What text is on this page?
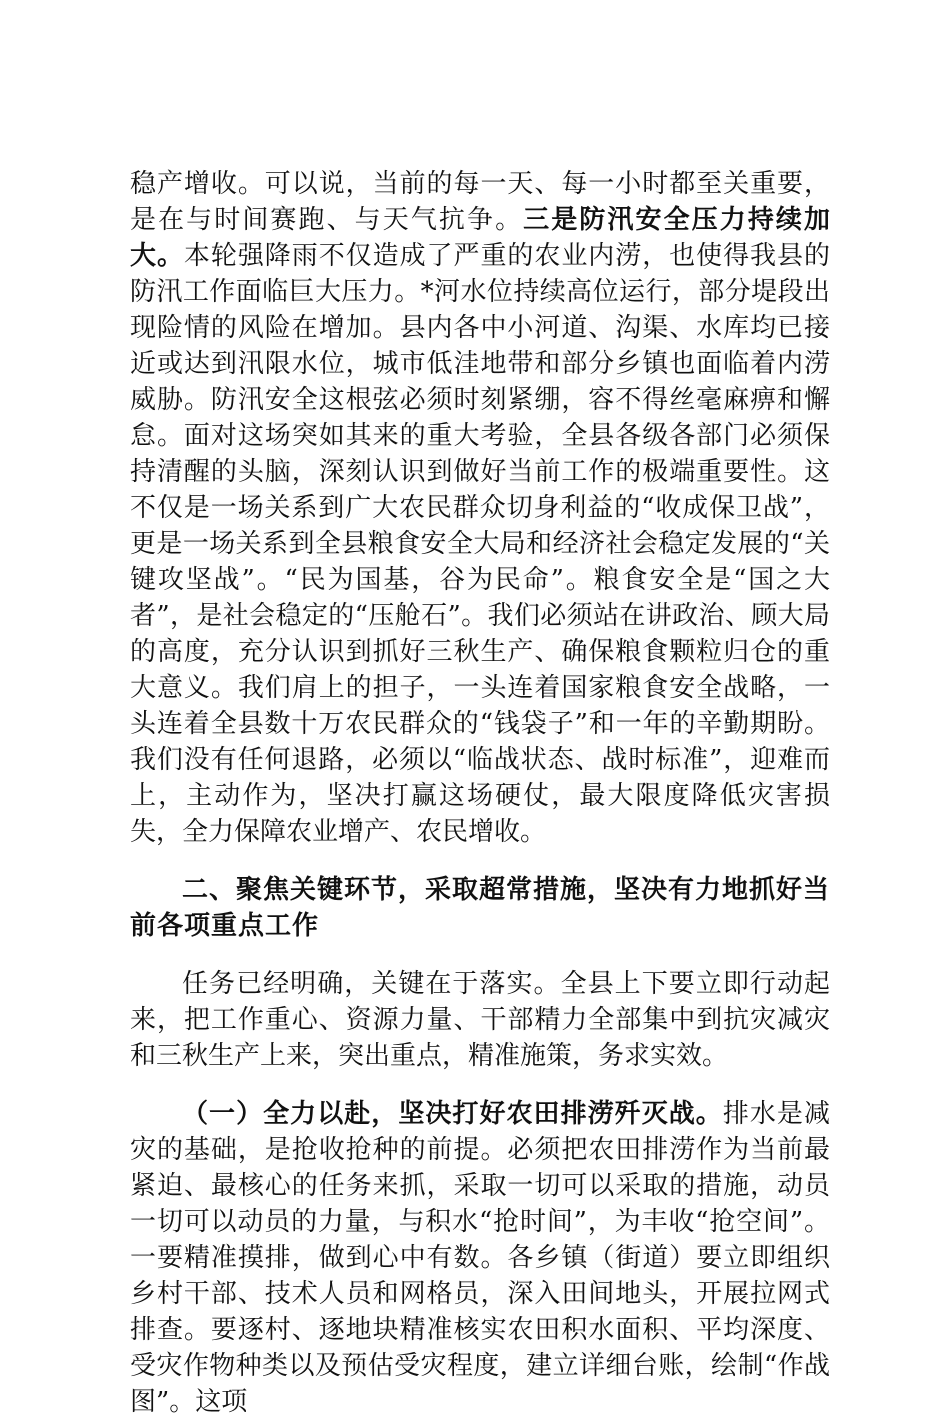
稳产增收。可以说，当前的每一天、每一小时都至关重要，是在与时间赛跑、与天气抗争。三是防汛安全压力持续加大。本轮强降雨不仅造成了严重的农业内涝，也使得我县的防汛工作面临巨大压力。*河水位持续高位运行，部分堤段出现险情的风险在增加。县内各中小河道、沟渠、水库均已接近或达到汛限水位，城市低洼地带和部分乡镇也面临着内涝威胁。防汛安全这根弦必须时刻紧绷，容不得丝毫麻痹和懈怠。面对这场突如其来的重大考验，全县各级各部门必须保持清醒的头脑，深刻认识到做好当前工作的极端重要性。这不仅是一场关系到广大农民群众切身利益的“收成保卫战”，更是一场关系到全县粮食安全大局和经济社会稳定发展的“关键攻坚战”。“民为国基，谷为民命”。粮食安全是“国之大者”，是社会稳定的“压舱石”。我们必须站在讲政治、顾大局的高度，充分认识到抓好三秋生产、确保粮食颗粒归仓的重大意义。我们肩上的担子，一头连着国家粮食安全战略，一头连着全县数十万农民群众的“钱袋子”和一年的辛勤期盼。我们没有任何退路，必须以“临战状态、战时标准”，迎难而上，主动作为，坚决打赢这场硬仗，最大限度降低灾害损失，全力保障农业增产、农民增收。

二、聚焦关键环节，采取超常措施，坚决有力地抓好当前各项重点工作

任务已经明确，关键在于落实。全县上下要立即行动起来，把工作重心、资源力量、干部精力全部集中到抗灾减灾和三秋生产上来，突出重点，精准施策，务求实效。

（一）全力以赴，坚决打好农田排涝歼灭战。排水是减灾的基础，是抢收抢种的前提。必须把农田排涝作为当前最紧迫、最核心的任务来抓，采取一切可以采取的措施，动员一切可以动员的力量，与积水“抢时间”，为丰收“抢空间”。一要精准摸排，做到心中有数。各乡镇（街道）要立即组织乡村干部、技术人员和网格员，深入田间地头，开展拉网式排查。要逐村、逐地块精准核实农田积水面积、平均深度、受灾作物种类以及预估受灾程度，建立详细台账，绘制“作战图”。这项
